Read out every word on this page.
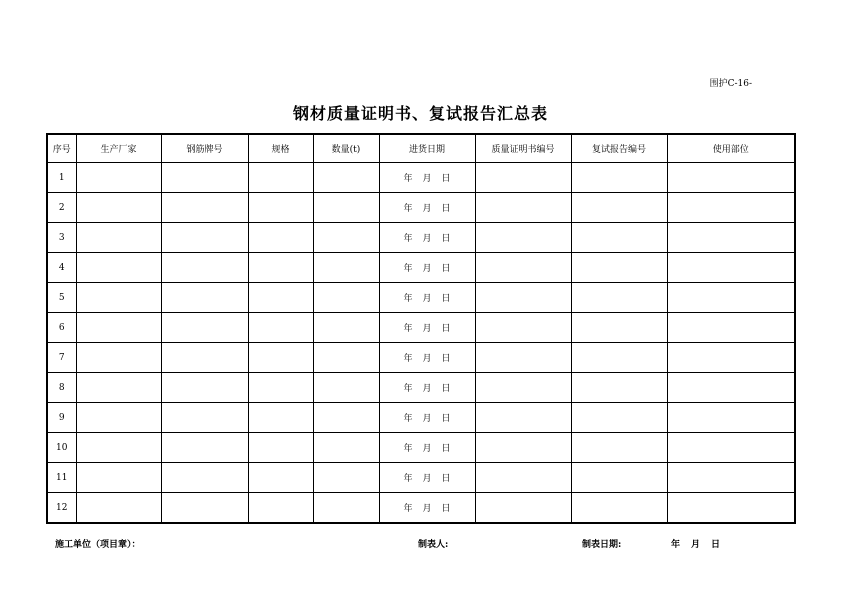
围护C-16-
钢材质量证明书、复试报告汇总表
序号	生产厂家	钢筋牌号	规格	数量(t)	进货日期	质量证明书编号	复试报告编号	使用部位
1					年 月 日			
2					年 月 日			
3					年 月 日			
4					年 月 日			
5					年 月 日			
6					年 月 日			
7					年 月 日			
8					年 月 日			
9					年 月 日			
10					年 月 日			
11					年 月 日			
12					年 月 日			
施工单位（项目章）：	制表人:	制表日期:	年 月 日
